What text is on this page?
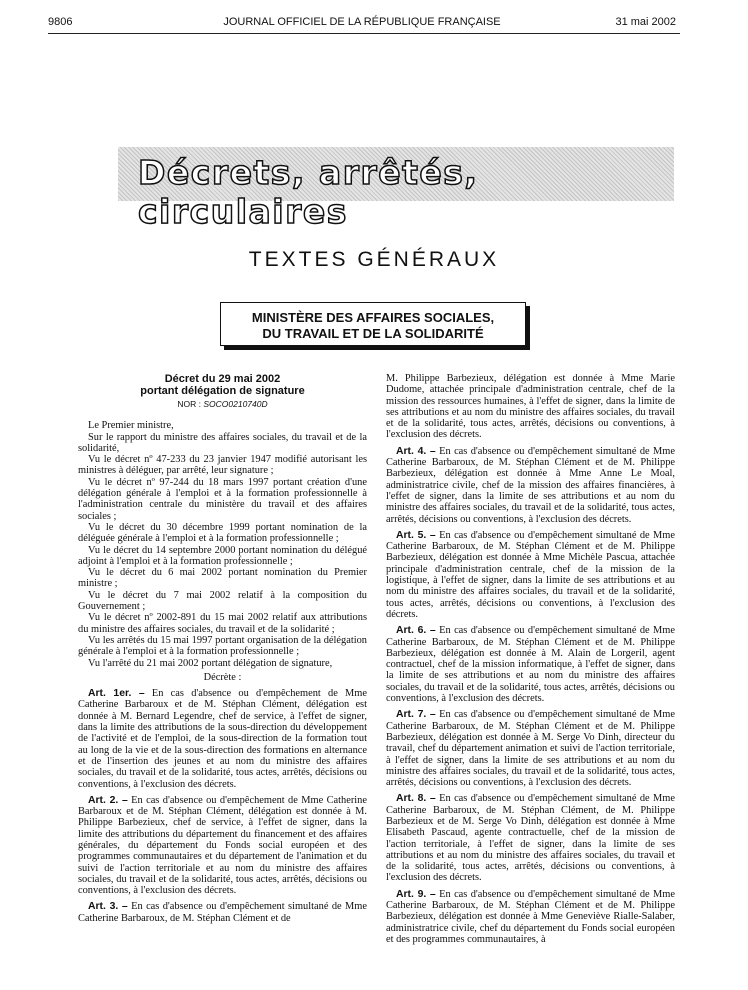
9806	JOURNAL OFFICIEL DE LA RÉPUBLIQUE FRANÇAISE	31 mai 2002
Décrets, arrêtés, circulaires
TEXTES GÉNÉRAUX
MINISTÈRE DES AFFAIRES SOCIALES,
DU TRAVAIL ET DE LA SOLIDARITÉ

Décret du 29 mai 2002

portant délégation de signature

NOR : SOCO0210740D

Le Premier ministre,

Sur le rapport du ministre des affaires sociales, du travail et de la solidarité,

Vu le décret nº 47-233 du 23 janvier 1947 modifié autorisant les ministres à déléguer, par arrêté, leur signature ;

Vu le décret nº 97-244 du 18 mars 1997 portant création d'une délégation générale à l'emploi et à la formation professionnelle à l'administration centrale du ministère du travail et des affaires sociales ;

Vu le décret du 30 décembre 1999 portant nomination de la déléguée générale à l'emploi et à la formation professionnelle ;

Vu le décret du 14 septembre 2000 portant nomination du délégué adjoint à l'emploi et à la formation professionnelle ;

Vu le décret du 6 mai 2002 portant nomination du Premier ministre ;

Vu le décret du 7 mai 2002 relatif à la composition du Gouvernement ;

Vu le décret nº 2002-891 du 15 mai 2002 relatif aux attributions du ministre des affaires sociales, du travail et de la solidarité ;

Vu les arrêtés du 15 mai 1997 portant organisation de la délégation générale à l'emploi et à la formation professionnelle ;

Vu l'arrêté du 21 mai 2002 portant délégation de signature,

Décrète :

Art. 1er. – En cas d'absence ou d'empêchement de Mme Catherine Barbaroux et de M. Stéphan Clément, délégation est donnée à M. Bernard Legendre, chef de service, à l'effet de signer, dans la limite des attributions de la sous-direction du développement de l'activité et de l'emploi, de la sous-direction de la formation tout au long de la vie et de la sous-direction des formations en alternance et de l'insertion des jeunes et au nom du ministre des affaires sociales, du travail et de la solidarité, tous actes, arrêtés, décisions ou conventions, à l'exclusion des décrets.

Art. 2. – En cas d'absence ou d'empêchement de Mme Catherine Barbaroux et de M. Stéphan Clément, délégation est donnée à M. Philippe Barbezieux, chef de service, à l'effet de signer, dans la limite des attributions du département du financement et des affaires générales, du département du Fonds social européen et des programmes communautaires et du département de l'animation et du suivi de l'action territoriale et au nom du ministre des affaires sociales, du travail et de la solidarité, tous actes, arrêtés, décisions ou conventions, à l'exclusion des décrets.

Art. 3. – En cas d'absence ou d'empêchement simultané de Mme Catherine Barbaroux, de M. Stéphan Clément et de

M. Philippe Barbezieux, délégation est donnée à Mme Marie Dudome, attachée principale d'administration centrale, chef de la mission des ressources humaines, à l'effet de signer, dans la limite de ses attributions et au nom du ministre des affaires sociales, du travail et de la solidarité, tous actes, arrêtés, décisions ou conventions, à l'exclusion des décrets.

Art. 4. – En cas d'absence ou d'empêchement simultané de Mme Catherine Barbaroux, de M. Stéphan Clément et de M. Philippe Barbezieux, délégation est donnée à Mme Anne Le Moal, administratrice civile, chef de la mission des affaires financières, à l'effet de signer, dans la limite de ses attributions et au nom du ministre des affaires sociales, du travail et de la solidarité, tous actes, arrêtés, décisions ou conventions, à l'exclusion des décrets.

Art. 5. – En cas d'absence ou d'empêchement simultané de Mme Catherine Barbaroux, de M. Stéphan Clément et de M. Philippe Barbezieux, délégation est donnée à Mme Michèle Pascua, attachée principale d'administration centrale, chef de la mission de la logistique, à l'effet de signer, dans la limite de ses attributions et au nom du ministre des affaires sociales, du travail et de la solidarité, tous actes, arrêtés, décisions ou conventions, à l'exclusion des décrets.

Art. 6. – En cas d'absence ou d'empêchement simultané de Mme Catherine Barbaroux, de M. Stéphan Clément et de M. Philippe Barbezieux, délégation est donnée à M. Alain de Lorgeril, agent contractuel, chef de la mission informatique, à l'effet de signer, dans la limite de ses attributions et au nom du ministre des affaires sociales, du travail et de la solidarité, tous actes, arrêtés, décisions ou conventions, à l'exclusion des décrets.

Art. 7. – En cas d'absence ou d'empêchement simultané de Mme Catherine Barbaroux, de M. Stéphan Clément et de M. Philippe Barbezieux, délégation est donnée à M. Serge Vo Dinh, directeur du travail, chef du département animation et suivi de l'action territoriale, à l'effet de signer, dans la limite de ses attributions et au nom du ministre des affaires sociales, du travail et de la solidarité, tous actes, arrêtés, décisions ou conventions, à l'exclusion des décrets.

Art. 8. – En cas d'absence ou d'empêchement simultané de Mme Catherine Barbaroux, de M. Stéphan Clément, de M. Philippe Barbezieux et de M. Serge Vo Dinh, délégation est donnée à Mme Elisabeth Pascaud, agente contractuelle, chef de la mission de l'action territoriale, à l'effet de signer, dans la limite de ses attributions et au nom du ministre des affaires sociales, du travail et de la solidarité, tous actes, arrêtés, décisions ou conventions, à l'exclusion des décrets.

Art. 9. – En cas d'absence ou d'empêchement simultané de Mme Catherine Barbaroux, de M. Stéphan Clément et de M. Philippe Barbezieux, délégation est donnée à Mme Geneviève Rialle-Salaber, administratrice civile, chef du département du Fonds social européen et des programmes communautaires, à
